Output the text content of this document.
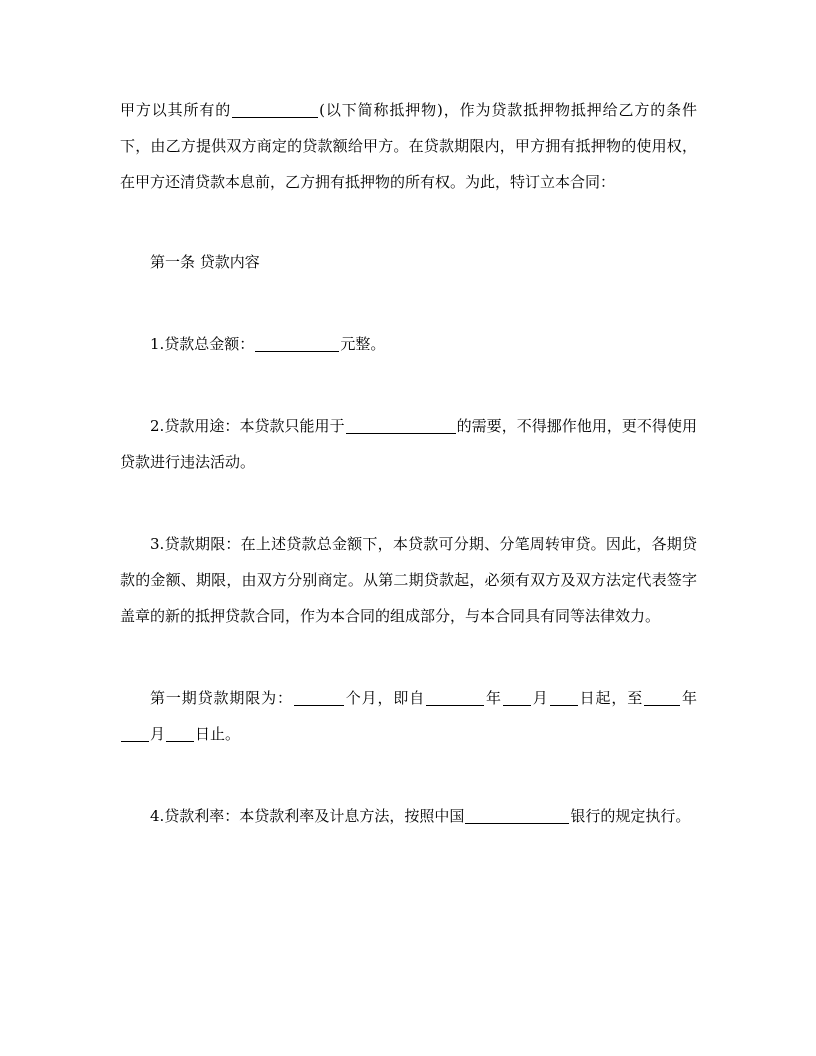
甲方以其所有的	(以下简称抵押物)，作为贷款抵押物抵押给乙方的条件下，由乙方提供双方商定的贷款额给甲方。在贷款期限内，甲方拥有抵押物的使用权，在甲方还清贷款本息前，乙方拥有抵押物的所有权。为此，特订立本合同：

第一条 贷款内容

1.贷款总金额：	元整。

2.贷款用途：本贷款只能用于	的需要，不得挪作他用，更不得使用贷款进行违法活动。

3.贷款期限：在上述贷款总金额下，本贷款可分期、分笔周转审贷。因此，各期贷款的金额、期限，由双方分别商定。从第二期贷款起，必须有双方及双方法定代表签字盖章的新的抵押贷款合同，作为本合同的组成部分，与本合同具有同等法律效力。

第一期贷款期限为：	个月，即自	年 月 日起，至	年月 日止。

4.贷款利率：本贷款利率及计息方法，按照中国	银行的规定执行。
